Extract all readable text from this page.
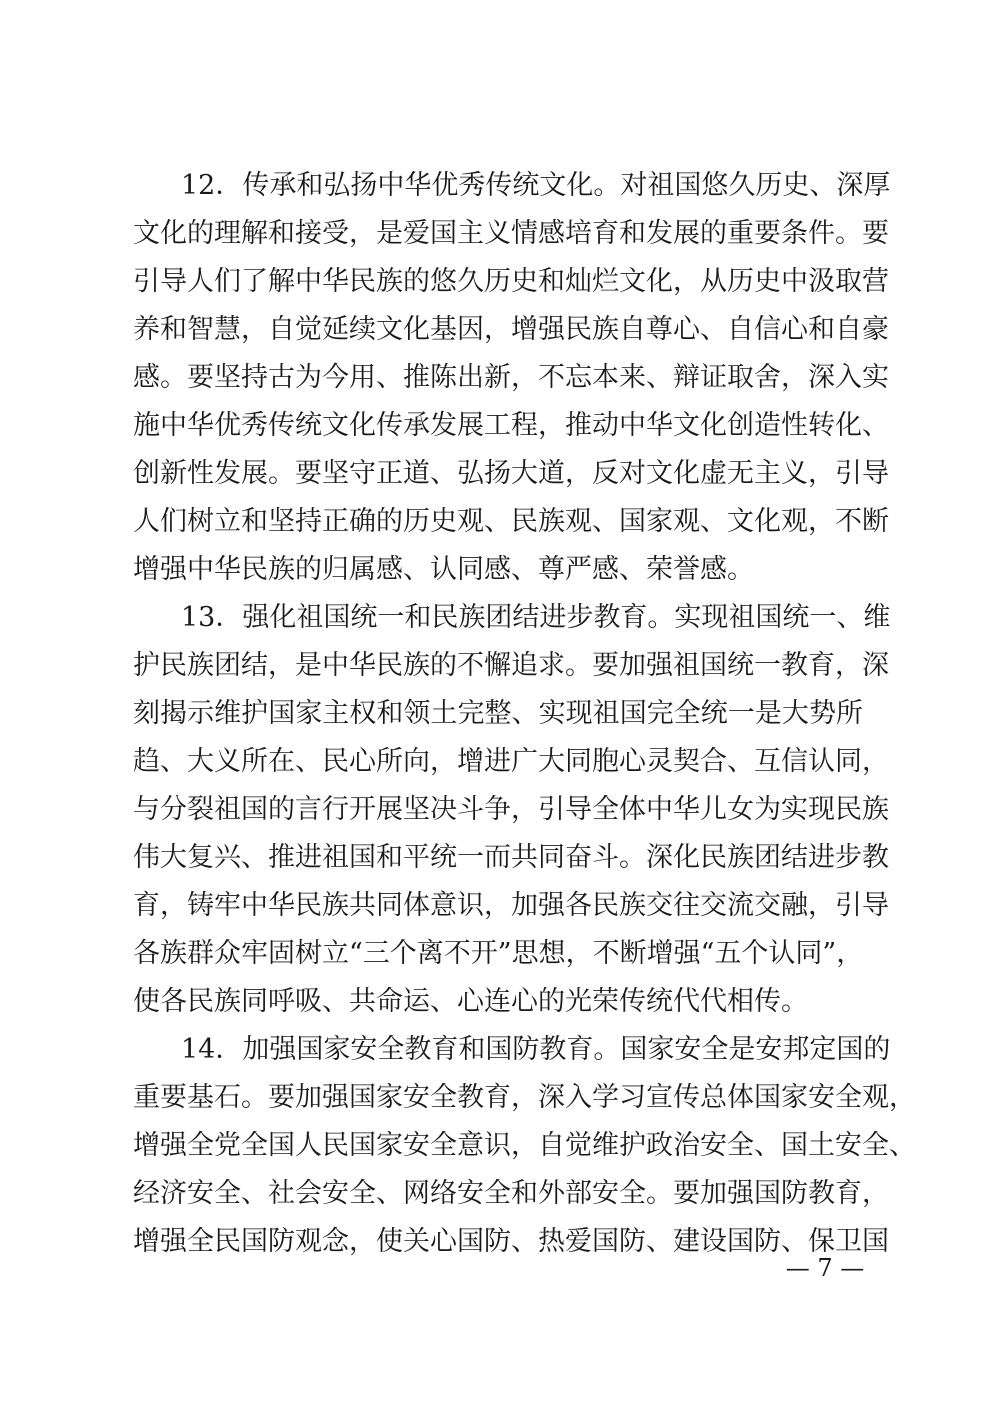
12．传承和弘扬中华优秀传统文化。对祖国悠久历史、深厚
文化的理解和接受，是爱国主义情感培育和发展的重要条件。要
引导人们了解中华民族的悠久历史和灿烂文化，从历史中汲取营
养和智慧，自觉延续文化基因，增强民族自尊心、自信心和自豪
感。要坚持古为今用、推陈出新，不忘本来、辩证取舍，深入实
施中华优秀传统文化传承发展工程，推动中华文化创造性转化、
创新性发展。要坚守正道、弘扬大道，反对文化虚无主义，引导
人们树立和坚持正确的历史观、民族观、国家观、文化观，不断
增强中华民族的归属感、认同感、尊严感、荣誉感。
13．强化祖国统一和民族团结进步教育。实现祖国统一、维
护民族团结，是中华民族的不懈追求。要加强祖国统一教育，深
刻揭示维护国家主权和领土完整、实现祖国完全统一是大势所
趋、大义所在、民心所向，增进广大同胞心灵契合、互信认同，
与分裂祖国的言行开展坚决斗争，引导全体中华儿女为实现民族
伟大复兴、推进祖国和平统一而共同奋斗。深化民族团结进步教
育，铸牢中华民族共同体意识，加强各民族交往交流交融，引导
各族群众牢固树立“三个离不开”思想，不断增强“五个认同”，
使各民族同呼吸、共命运、心连心的光荣传统代代相传。
14．加强国家安全教育和国防教育。国家安全是安邦定国的
重要基石。要加强国家安全教育，深入学习宣传总体国家安全观，
增强全党全国人民国家安全意识，自觉维护政治安全、国土安全、
经济安全、社会安全、网络安全和外部安全。要加强国防教育，
增强全民国防观念，使关心国防、热爱国防、建设国防、保卫国
— 7 —
